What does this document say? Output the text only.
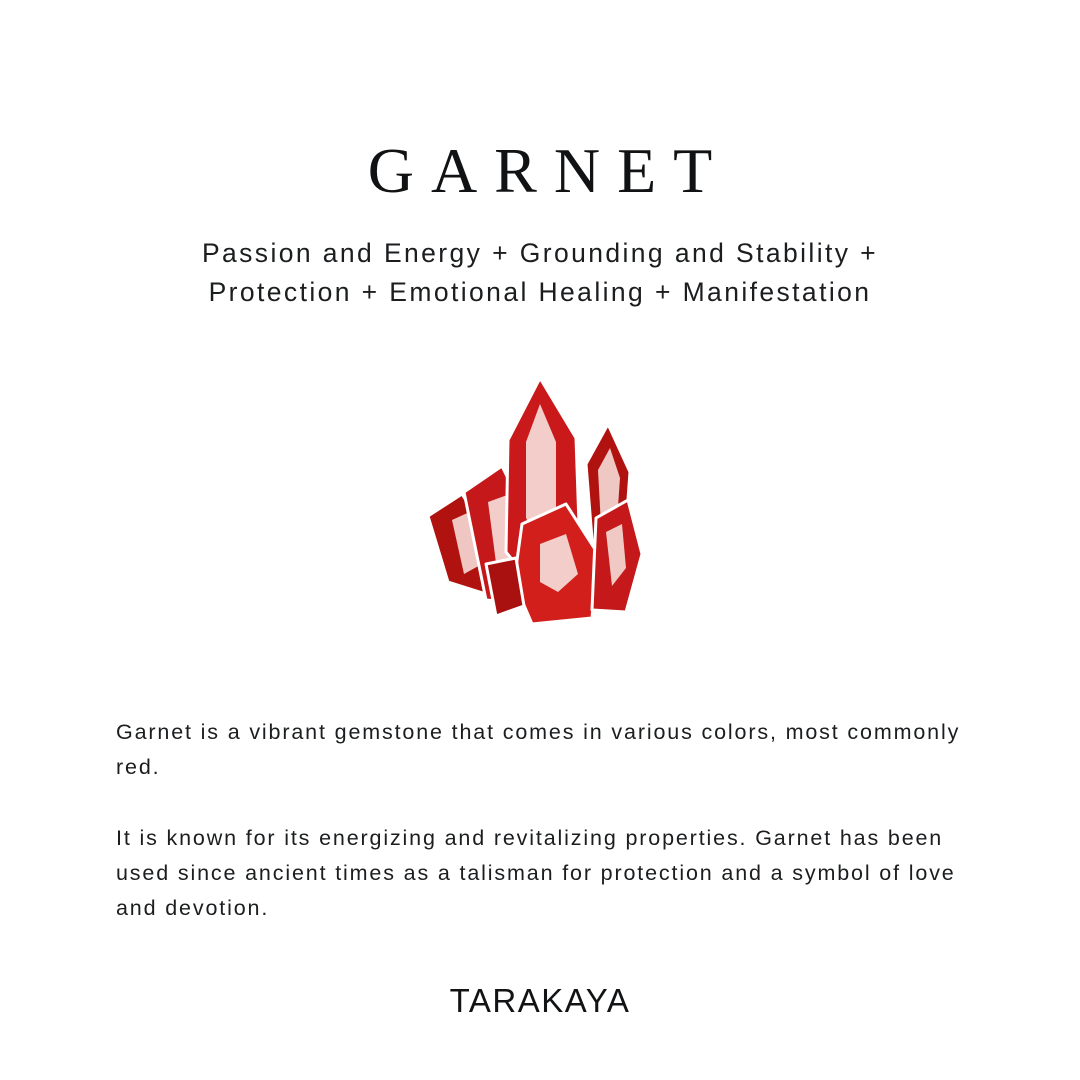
GARNET
Passion and Energy + Grounding and Stability + Protection + Emotional Healing + Manifestation

Garnet is a vibrant gemstone that comes in various colors, most commonly red.

It is known for its energizing and revitalizing properties. Garnet has been used since ancient times as a talisman for protection and a symbol of love and devotion.

TARAKAYA
